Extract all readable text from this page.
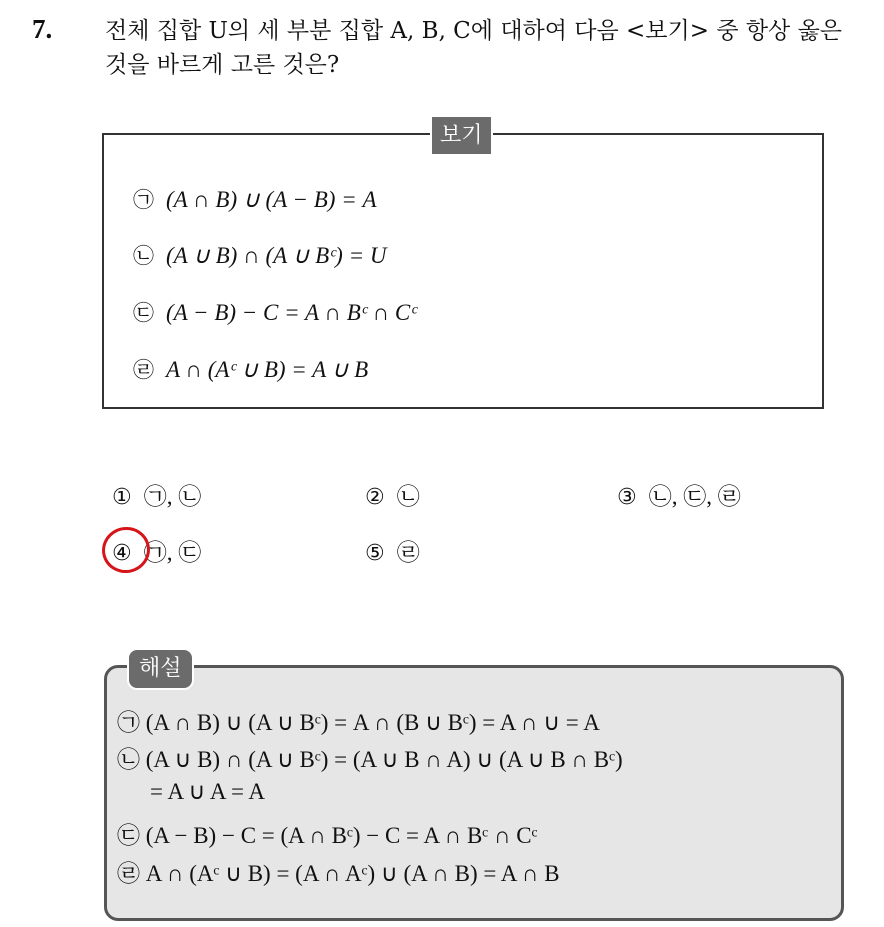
7. 전체 집합 U의 세 부분 집합 A, B, C에 대하여 다음 <보기> 중 항상 옳은 것을 바르게 고른 것은?
보기
㉠ (A ∩ B) ∪ (A − B) = A
㉡ (A ∪ B) ∩ (A ∪ Bᶜ) = U
㉢ (A − B) − C = A ∩ Bᶜ ∩ Cᶜ
㉣ A ∩ (Aᶜ ∪ B) = A ∪ B
① ㉠, ㉡	② ㉡	③ ㉡, ㉢, ㉣
④ ㉠, ㉢	⑤ ㉣
해설
㉠ (A ∩ B) ∪ (A ∪ Bᶜ) = A ∩ (B ∪ Bᶜ) = A ∩ ∪ = A
㉡ (A ∪ B) ∩ (A ∪ Bᶜ) = (A ∪ B ∩ A) ∪ (A ∪ B ∩ Bᶜ)
= A ∪ A = A
㉢ (A − B) − C = (A ∩ Bᶜ) − C = A ∩ Bᶜ ∩ Cᶜ
㉣ A ∩ (Aᶜ ∪ B) = (A ∩ Aᶜ) ∪ (A ∩ B) = A ∩ B
